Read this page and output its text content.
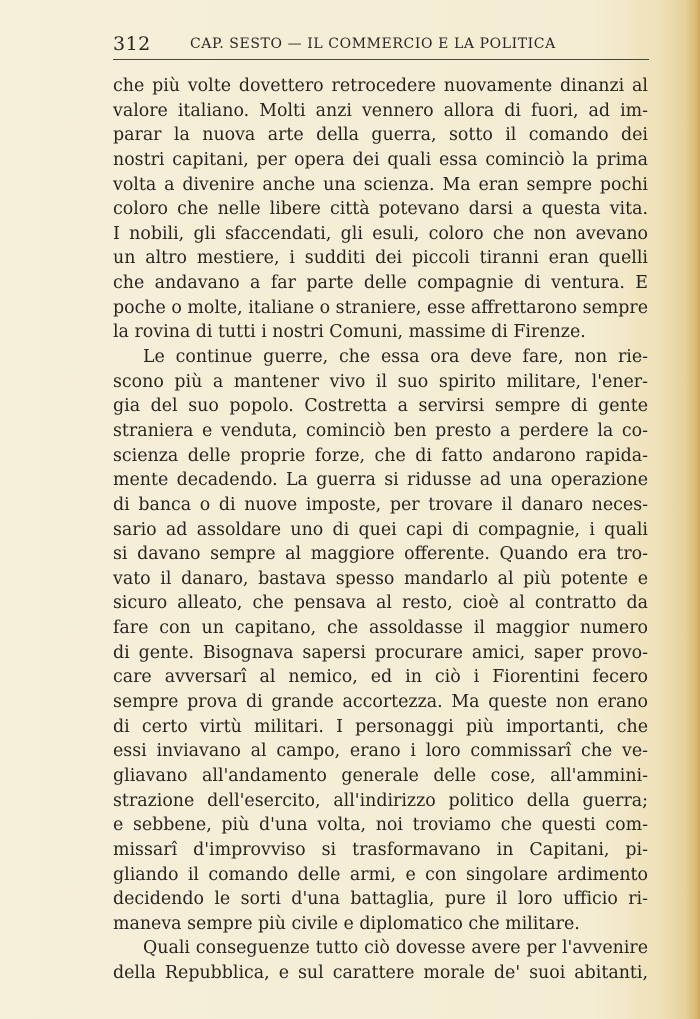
312	CAP. SESTO — IL COMMERCIO E LA POLITICA
che più volte dovettero retrocedere nuovamente dinanzi al
valore italiano. Molti anzi vennero allora di fuori, ad im-
parar la nuova arte della guerra, sotto il comando dei
nostri capitani, per opera dei quali essa cominciò la prima
volta a divenire anche una scienza. Ma eran sempre pochi
coloro che nelle libere città potevano darsi a questa vita.
I nobili, gli sfaccendati, gli esuli, coloro che non avevano
un altro mestiere, i sudditi dei piccoli tiranni eran quelli
che andavano a far parte delle compagnie di ventura. E
poche o molte, italiane o straniere, esse affrettarono sempre
la rovina di tutti i nostri Comuni, massime di Firenze.
Le continue guerre, che essa ora deve fare, non rie-
scono più a mantener vivo il suo spirito militare, l'ener-
gia del suo popolo. Costretta a servirsi sempre di gente
straniera e venduta, cominciò ben presto a perdere la co-
scienza delle proprie forze, che di fatto andarono rapida-
mente decadendo. La guerra si ridusse ad una operazione
di banca o di nuove imposte, per trovare il danaro neces-
sario ad assoldare uno di quei capi di compagnie, i quali
si davano sempre al maggiore offerente. Quando era tro-
vato il danaro, bastava spesso mandarlo al più potente e
sicuro alleato, che pensava al resto, cioè al contratto da
fare con un capitano, che assoldasse il maggior numero
di gente. Bisognava sapersi procurare amici, saper provo-
care avversarî al nemico, ed in ciò i Fiorentini fecero
sempre prova di grande accortezza. Ma queste non erano
di certo virtù militari. I personaggi più importanti, che
essi inviavano al campo, erano i loro commissarî che ve-
gliavano all'andamento generale delle cose, all'ammini-
strazione dell'esercito, all'indirizzo politico della guerra;
e sebbene, più d'una volta, noi troviamo che questi com-
missarî d'improvviso si trasformavano in Capitani, pi-
gliando il comando delle armi, e con singolare ardimento
decidendo le sorti d'una battaglia, pure il loro ufficio ri-
maneva sempre più civile e diplomatico che militare.
Quali conseguenze tutto ciò dovesse avere per l'avvenire
della Repubblica, e sul carattere morale de' suoi abitanti,
